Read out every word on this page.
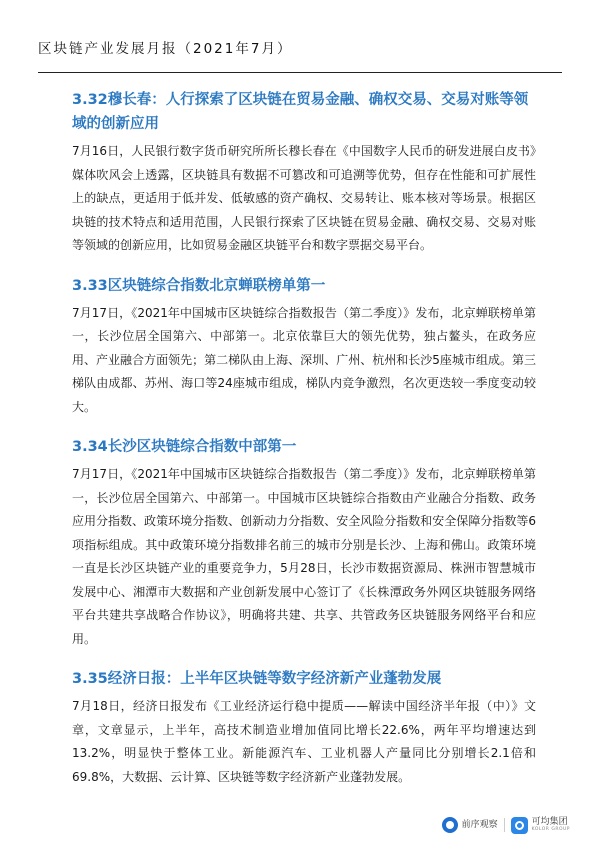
区块链产业发展月报（2021年7月）
3.32穆长春：人行探索了区块链在贸易金融、确权交易、交易对账等领域的创新应用

7月16日，人民银行数字货币研究所所长穆长春在《中国数字人民币的研发进展白皮书》媒体吹风会上透露，区块链具有数据不可篡改和可追溯等优势，但存在性能和可扩展性上的缺点，更适用于低并发、低敏感的资产确权、交易转让、账本核对等场景。根据区块链的技术特点和适用范围，人民银行探索了区块链在贸易金融、确权交易、交易对账等领域的创新应用，比如贸易金融区块链平台和数字票据交易平台。

3.33区块链综合指数北京蝉联榜单第一

7月17日，《2021年中国城市区块链综合指数报告（第二季度）》发布，北京蝉联榜单第一，长沙位居全国第六、中部第一。北京依靠巨大的领先优势，独占鳌头，在政务应用、产业融合方面领先；第二梯队由上海、深圳、广州、杭州和长沙5座城市组成。第三梯队由成都、苏州、海口等24座城市组成，梯队内竞争激烈，名次更迭较一季度变动较大。

3.34长沙区块链综合指数中部第一

7月17日，《2021年中国城市区块链综合指数报告（第二季度）》发布，北京蝉联榜单第一，长沙位居全国第六、中部第一。中国城市区块链综合指数由产业融合分指数、政务应用分指数、政策环境分指数、创新动力分指数、安全风险分指数和安全保障分指数等6项指标组成。其中政策环境分指数排名前三的城市分别是长沙、上海和佛山。政策环境一直是长沙区块链产业的重要竞争力，5月28日，长沙市数据资源局、株洲市智慧城市发展中心、湘潭市大数据和产业创新发展中心签订了《长株潭政务外网区块链服务网络平台共建共享战略合作协议》，明确将共建、共享、共管政务区块链服务网络平台和应用。

3.35经济日报：上半年区块链等数字经济新产业蓬勃发展

7月18日，经济日报发布《工业经济运行稳中提质——解读中国经济半年报（中）》文章，文章显示，上半年，高技术制造业增加值同比增长22.6%，两年平均增速达到13.2%，明显快于整体工业。新能源汽车、工业机器人产量同比分别增长2.1倍和69.8%，大数据、云计算、区块链等数字经济新产业蓬勃发展。

前序观察	可均集团
KOLOR GROUP
